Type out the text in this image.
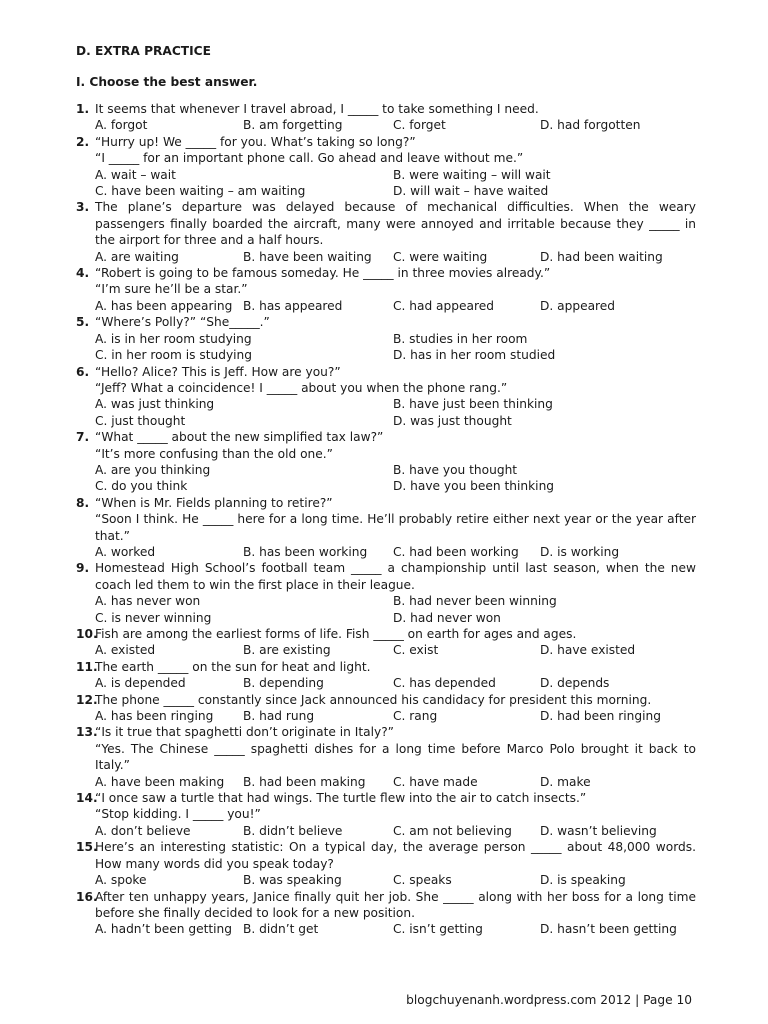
D. EXTRA PRACTICE
I. Choose the best answer.
1. It seems that whenever I travel abroad, I _____ to take something I need.
A. forgot	B. am forgetting	C. forget	D. had forgotten
2. “Hurry up! We _____ for you. What’s taking so long?”
“I _____ for an important phone call. Go ahead and leave without me.”
A. wait – wait	B. were waiting – will wait
C. have been waiting – am waiting	D. will wait – have waited
3. The plane’s departure was delayed because of mechanical difficulties. When the weary passengers finally boarded the aircraft, many were annoyed and irritable because they _____ in the airport for three and a half hours.
A. are waiting	B. have been waiting	C. were waiting	D. had been waiting
4. “Robert is going to be famous someday. He _____ in three movies already.”
“I’m sure he’ll be a star.”
A. has been appearing B. has appeared	C. had appeared	D. appeared
5. “Where’s Polly?” “She_____.”
A. is in her room studying	B. studies in her room
C. in her room is studying	D. has in her room studied
6. “Hello? Alice? This is Jeff. How are you?”
“Jeff? What a coincidence! I _____ about you when the phone rang.”
A. was just thinking	B. have just been thinking
C. just thought	D. was just thought
7. “What _____ about the new simplified tax law?”
“It’s more confusing than the old one.”
A. are you thinking	B. have you thought
C. do you think	D. have you been thinking
8. “When is Mr. Fields planning to retire?”
“Soon I think. He _____ here for a long time. He’ll probably retire either next year or the year after that.”
A. worked	B. has been working	C. had been working	D. is working
9. Homestead High School’s football team _____ a championship until last season, when the new coach led them to win the first place in their league.
A. has never won	B. had never been winning
C. is never winning	D. had never won
10.
Fish are among the earliest forms of life. Fish _____ on earth for ages and ages.
A. existed	B. are existing	C. exist	D. have existed
11.
The earth _____ on the sun for heat and light.
A. is depended	B. depending	C. has depended	D. depends
12.
The phone _____ constantly since Jack announced his candidacy for president this morning.
A. has been ringing	B. had rung	C. rang	D. had been ringing
13.
“Is it true that spaghetti don’t originate in Italy?”
“Yes. The Chinese _____ spaghetti dishes for a long time before Marco Polo brought it back to Italy.”
A. have been making	B. had been making	C. have made	D. make
14.
“I once saw a turtle that had wings. The turtle flew into the air to catch insects.”
“Stop kidding. I _____ you!”
A. don’t believe	B. didn’t believe	C. am not believing	D. wasn’t believing
15.
Here’s an interesting statistic: On a typical day, the average person _____ about 48,000 words. How many words did you speak today?
A. spoke	B. was speaking	C. speaks	D. is speaking
16.
After ten unhappy years, Janice finally quit her job. She _____ along with her boss for a long time before she finally decided to look for a new position.
A. hadn’t been getting B. didn’t get	C. isn’t getting	D. hasn’t been getting
blogchuyenanh.wordpress.com 2012 | Page 10
